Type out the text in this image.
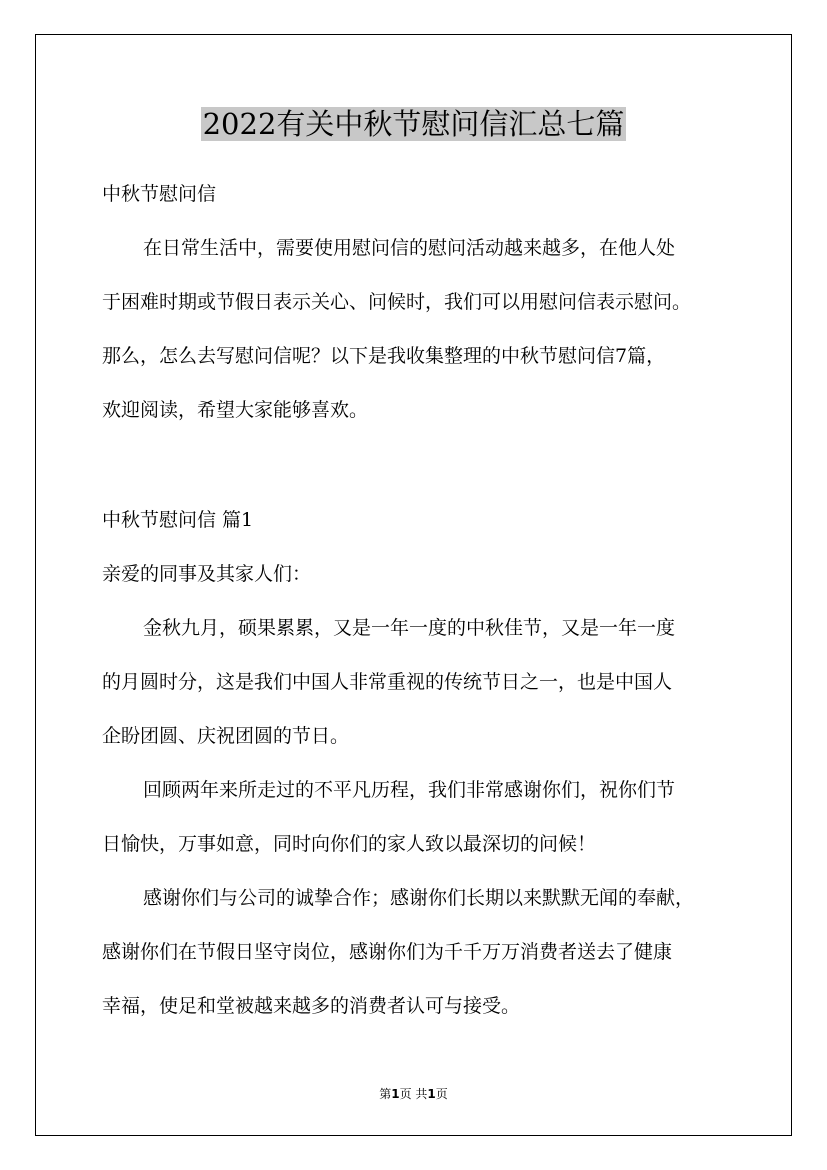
2022有关中秋节慰问信汇总七篇

中秋节慰问信

在日常生活中，需要使用慰问信的慰问活动越来越多，在他人处

于困难时期或节假日表示关心、问候时，我们可以用慰问信表示慰问。

那么，怎么去写慰问信呢？以下是我收集整理的中秋节慰问信7篇，

欢迎阅读，希望大家能够喜欢。

中秋节慰问信 篇1

亲爱的同事及其家人们：

金秋九月，硕果累累，又是一年一度的中秋佳节，又是一年一度

的月圆时分，这是我们中国人非常重视的传统节日之一，也是中国人

企盼团圆、庆祝团圆的节日。

回顾两年来所走过的不平凡历程，我们非常感谢你们，祝你们节

日愉快，万事如意，同时向你们的家人致以最深切的问候！

感谢你们与公司的诚挚合作；感谢你们长期以来默默无闻的奉献，

感谢你们在节假日坚守岗位，感谢你们为千千万万消费者送去了健康

幸福，使足和堂被越来越多的消费者认可与接受。

第1页 共1页
